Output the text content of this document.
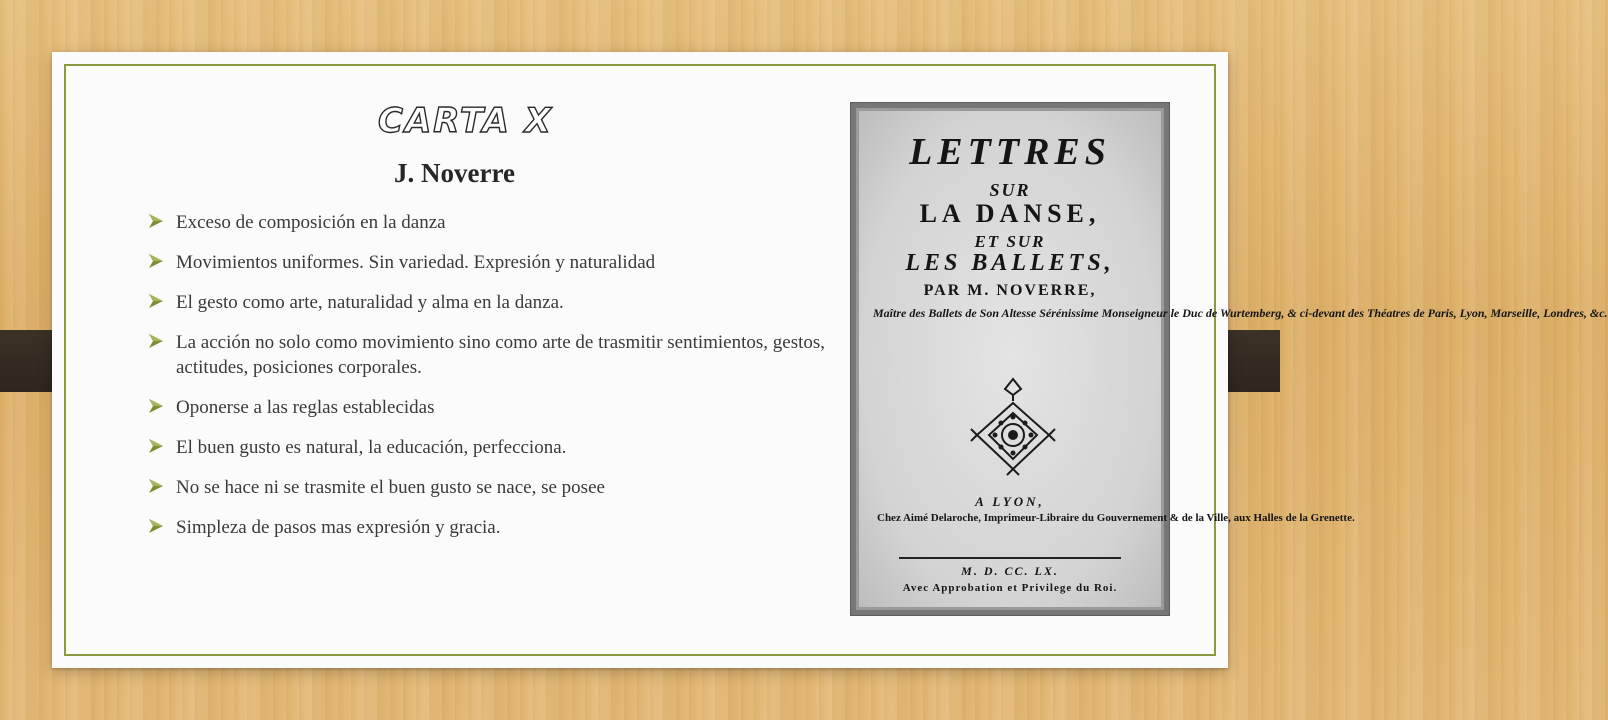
CARTA X
J. Noverre
Exceso de composición en la danza
Movimientos uniformes. Sin variedad. Expresión y naturalidad
El gesto como arte, naturalidad y alma en la danza.
La acción no solo como movimiento sino como arte de trasmitir sentimientos, gestos, actitudes, posiciones corporales.
Oponerse a las reglas establecidas
El buen gusto es natural, la educación, perfecciona.
No se hace ni se trasmite el buen gusto se nace, se posee
Simpleza de pasos mas expresión y gracia.
LETTRES
SUR
LA DANSE,
ET SUR
LES BALLETS,
PAR M. NOVERRE,
Maître des Ballets de Son Altesse Sérénissime Monseigneur le Duc de Wurtemberg, & ci-devant des Théatres de Paris, Lyon, Marseille, Londres, &c.
A LYON,
Chez Aimé Delaroche, Imprimeur-Libraire du Gouvernement & de la Ville, aux Halles de la Grenette.
M. D. CC. LX.
Avec Approbation et Privilege du Roi.
